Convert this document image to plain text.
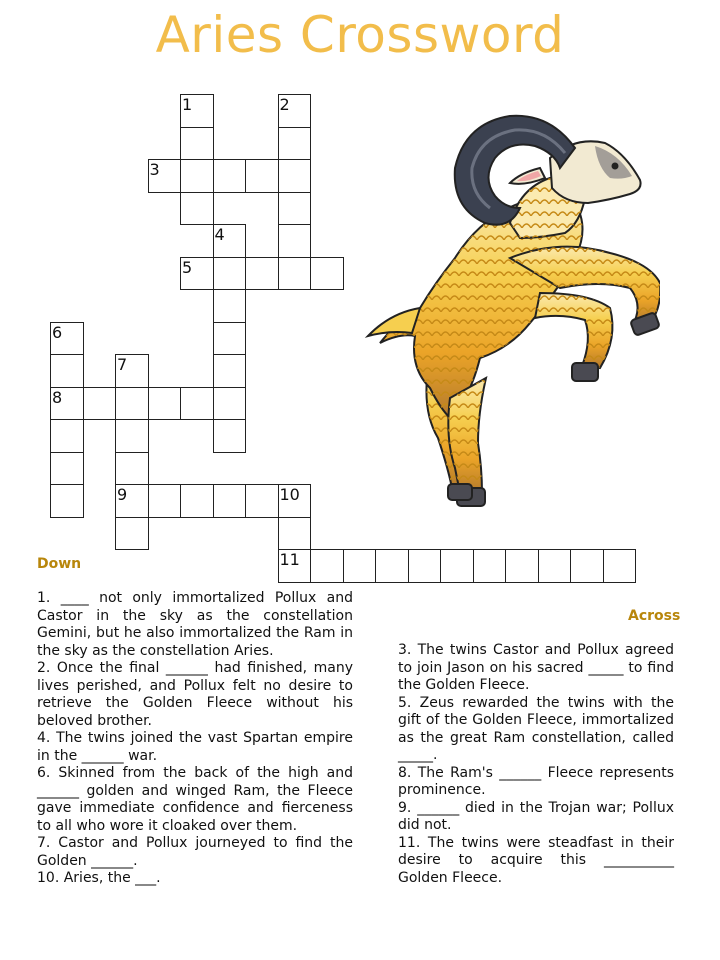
Aries Crossword
1	2
3
4
5
6
7
8
9	10
11
Down
Across

1. ____ not only immortalized Pollux and Castor in the sky as the constellation Gemini, but he also immortalized the Ram in the sky as the constellation Aries.

2. Once the final ______ had finished, many lives perished, and Pollux felt no desire to retrieve the Golden Fleece without his beloved brother.

4. The twins joined the vast Spartan empire in the ______ war.

6. Skinned from the back of the high and ______ golden and winged Ram, the Fleece gave immediate confidence and fierceness to all who wore it cloaked over them.

7. Castor and Pollux journeyed to find the Golden ______.

10. Aries, the ___.

3. The twins Castor and Pollux agreed to join Jason on his sacred _____ to find the Golden Fleece.

5. Zeus rewarded the twins with the gift of the Golden Fleece, immortalized as the great Ram constellation, called _____.

8. The Ram's ______ Fleece represents prominence.

9. ______ died in the Trojan war; Pollux did not.

11. The twins were steadfast in their desire to acquire this __________ Golden Fleece.
